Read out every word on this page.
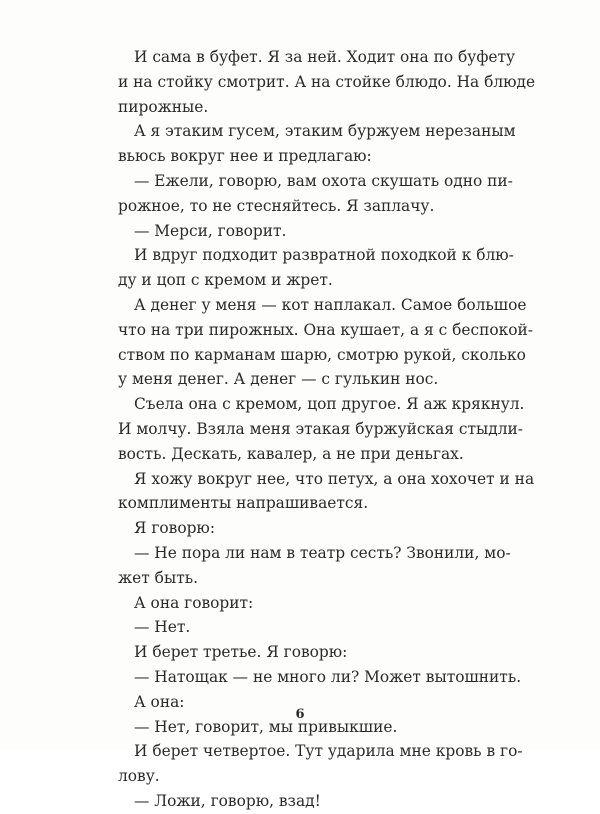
И сама в буфет. Я за ней. Ходит она по буфету
и на стойку смотрит. А на стойке блюдо. На блюде
пирожные.
А я этаким гусем, этаким буржуем нерезаным
вьюсь вокруг нее и предлагаю:
— Ежели, говорю, вам охота скушать одно пи-
рожное, то не стесняйтесь. Я заплачу.
— Мерси, говорит.
И вдруг подходит развратной походкой к блю-
ду и цоп с кремом и жрет.
А денег у меня — кот наплакал. Самое большое
что на три пирожных. Она кушает, а я с беспокой-
ством по карманам шарю, смотрю рукой, сколько
у меня денег. А денег — с гулькин нос.
Съела она с кремом, цоп другое. Я аж крякнул.
И молчу. Взяла меня этакая буржуйская стыдли-
вость. Дескать, кавалер, а не при деньгах.
Я хожу вокруг нее, что петух, а она хохочет и на
комплименты напрашивается.
Я говорю:
— Не пора ли нам в театр сесть? Звонили, мо-
жет быть.
А она говорит:
— Нет.
И берет третье. Я говорю:
— Натощак — не много ли? Может вытошнить.
А она:
— Нет, говорит, мы привыкшие.
И берет четвертое. Тут ударила мне кровь в го-
лову.
— Ложи, говорю, взад!
6
